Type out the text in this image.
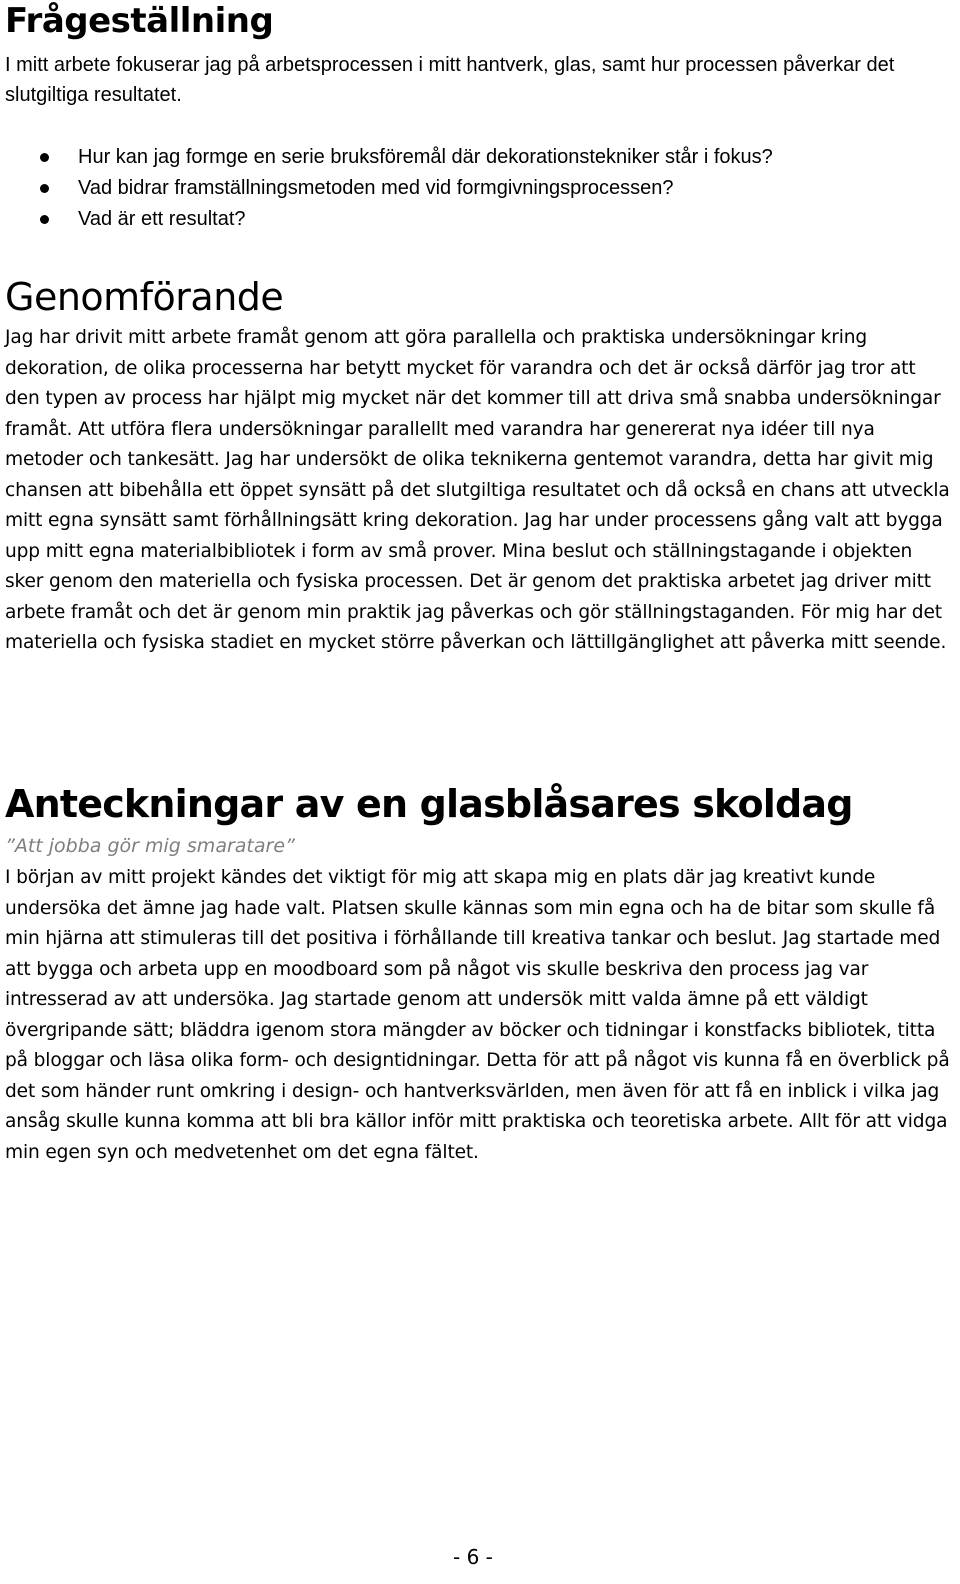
Frågeställning

I mitt arbete fokuserar jag på arbetsprocessen i mitt hantverk, glas, samt hur processen påverkar det slutgiltiga resultatet.

Hur kan jag formge en serie bruksföremål där dekorationstekniker står i fokus?
Vad bidrar framställningsmetoden med vid formgivningsprocessen?
Vad är ett resultat?
Genomförande

Jag har drivit mitt arbete framåt genom att göra parallella och praktiska undersökningar kring dekoration, de olika processerna har betytt mycket för varandra och det är också därför jag tror att den typen av process har hjälpt mig mycket när det kommer till att driva små snabba undersökningar framåt. Att utföra flera undersökningar parallellt med varandra har genererat nya idéer till nya metoder och tankesätt. Jag har undersökt de olika teknikerna gentemot varandra, detta har givit mig chansen att bibehålla ett öppet synsätt på det slutgiltiga resultatet och då också en chans att utveckla mitt egna synsätt samt förhållningsätt kring dekoration. Jag har under processens gång valt att bygga upp mitt egna materialbibliotek i form av små prover. Mina beslut och ställningstagande i objekten sker genom den materiella och fysiska processen. Det är genom det praktiska arbetet jag driver mitt arbete framåt och det är genom min praktik jag påverkas och gör ställningstaganden. För mig har det materiella och fysiska stadiet en mycket större påverkan och lättillgänglighet att påverka mitt seende.

Anteckningar av en glasblåsares skoldag

”Att jobba gör mig smaratare”

I början av mitt projekt kändes det viktigt för mig att skapa mig en plats där jag kreativt kunde undersöka det ämne jag hade valt. Platsen skulle kännas som min egna och ha de bitar som skulle få min hjärna att stimuleras till det positiva i förhållande till kreativa tankar och beslut. Jag startade med att bygga och arbeta upp en moodboard som på något vis skulle beskriva den process jag var intresserad av att undersöka. Jag startade genom att undersök mitt valda ämne på ett väldigt övergripande sätt; bläddra igenom stora mängder av böcker och tidningar i konstfacks bibliotek, titta på bloggar och läsa olika form- och designtidningar. Detta för att på något vis kunna få en överblick på det som händer runt omkring i design- och hantverksvärlden, men även för att få en inblick i vilka jag ansåg skulle kunna komma att bli bra källor inför mitt praktiska och teoretiska arbete. Allt för att vidga min egen syn och medvetenhet om det egna fältet.

- 6 -
